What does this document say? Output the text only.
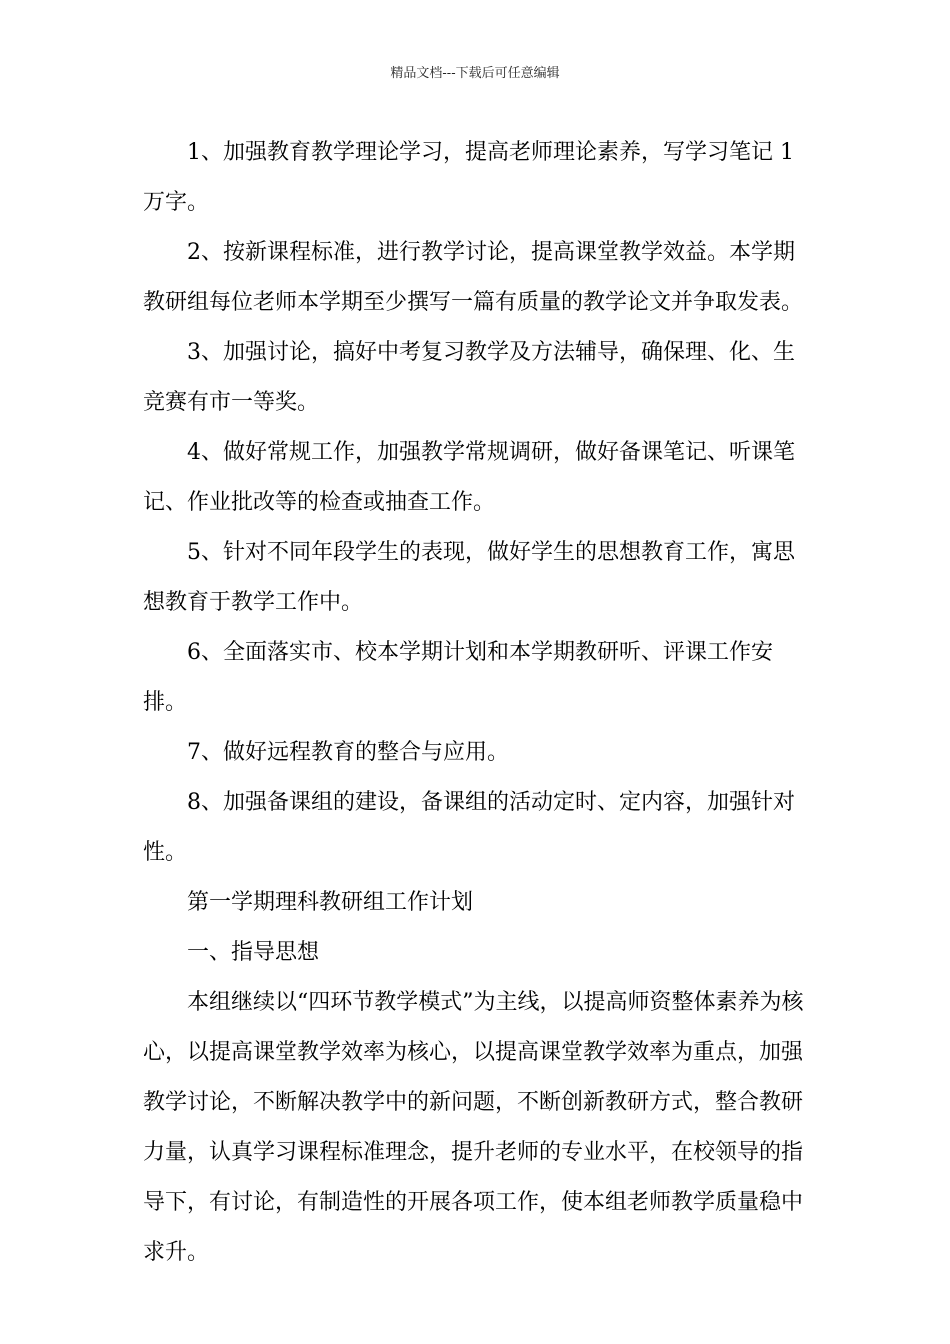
精品文档---下载后可任意编辑

1、加强教育教学理论学习，提高老师理论素养，写学习笔记 1 万字。

2、按新课程标准，进行教学讨论，提高课堂教学效益。本学期教研组每位老师本学期至少撰写一篇有质量的教学论文并争取发表。

3、加强讨论，搞好中考复习教学及方法辅导，确保理、化、生竞赛有市一等奖。

4、做好常规工作，加强教学常规调研，做好备课笔记、听课笔记、作业批改等的检查或抽查工作。

5、针对不同年段学生的表现，做好学生的思想教育工作，寓思想教育于教学工作中。

6、全面落实市、校本学期计划和本学期教研听、评课工作安排。

7、做好远程教育的整合与应用。

8、加强备课组的建设，备课组的活动定时、定内容，加强针对性。

第一学期理科教研组工作计划

一、指导思想

本组继续以“四环节教学模式”为主线，以提高师资整体素养为核心，以提高课堂教学效率为核心，以提高课堂教学效率为重点，加强教学讨论，不断解决教学中的新问题，不断创新教研方式，整合教研力量，认真学习课程标准理念，提升老师的专业水平，在校领导的指导下，有讨论，有制造性的开展各项工作，使本组老师教学质量稳中求升。
